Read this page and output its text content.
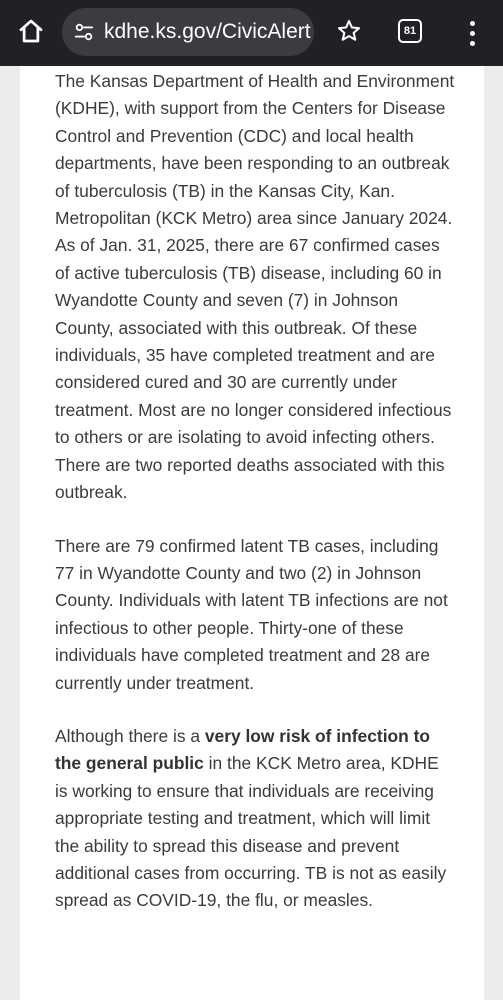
kdhe.ks.gov/CivicAlert	81

The Kansas Department of Health and Environment (KDHE), with support from the Centers for Disease Control and Prevention (CDC) and local health departments, have been responding to an outbreak of tuberculosis (TB) in the Kansas City, Kan. Metropolitan (KCK Metro) area since January 2024. As of Jan. 31, 2025, there are 67 confirmed cases of active tuberculosis (TB) disease, including 60 in Wyandotte County and seven (7) in Johnson County, associated with this outbreak. Of these individuals, 35 have completed treatment and are considered cured and 30 are currently under treatment. Most are no longer considered infectious to others or are isolating to avoid infecting others. There are two reported deaths associated with this outbreak.

There are 79 confirmed latent TB cases, including 77 in Wyandotte County and two (2) in Johnson County. Individuals with latent TB infections are not infectious to other people. Thirty-one of these individuals have completed treatment and 28 are currently under treatment.

Although there is a very low risk of infection to the general public in the KCK Metro area, KDHE is working to ensure that individuals are receiving appropriate testing and treatment, which will limit the ability to spread this disease and prevent additional cases from occurring. TB is not as easily spread as COVID-19, the flu, or measles.
